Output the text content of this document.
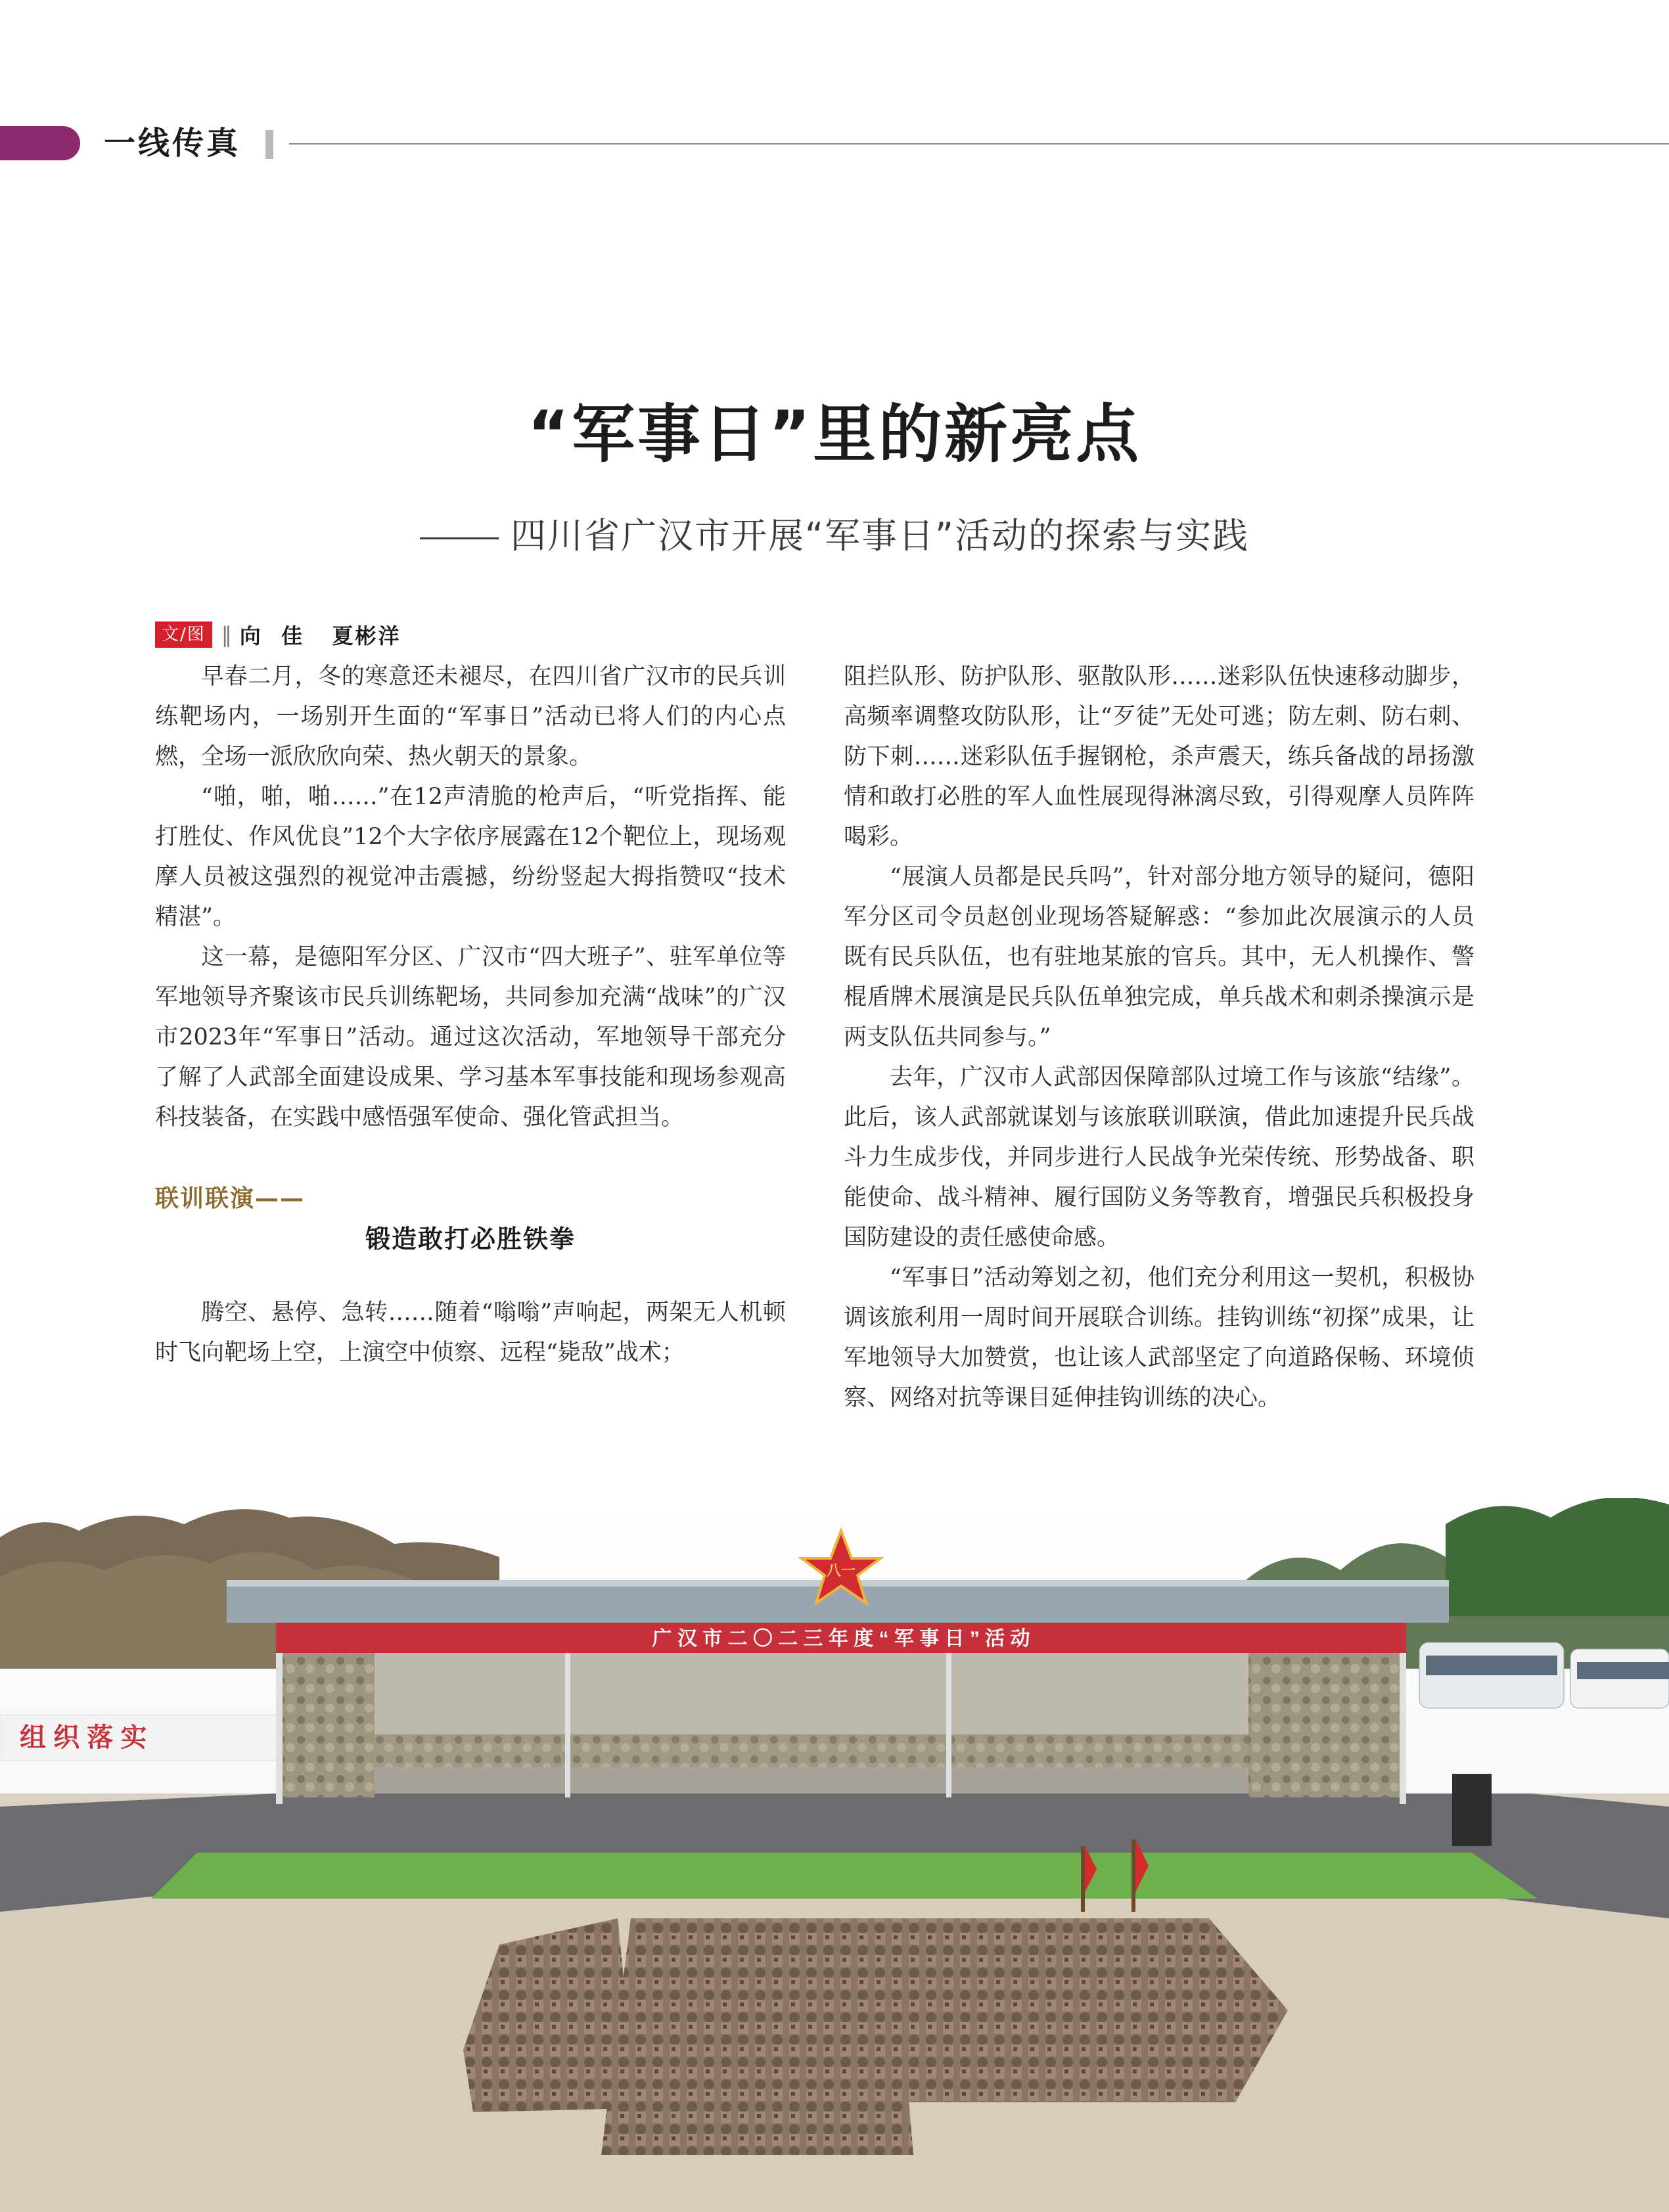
一线传真
“军事日”里的新亮点
四川省广汉市开展“军事日”活动的探索与实践
文/图 ‖ 向  佳   夏彬洋

早春二月，冬的寒意还未褪尽，在四川省广汉市的民兵训练靶场内，一场别开生面的“军事日”活动已将人们的内心点燃，全场一派欣欣向荣、热火朝天的景象。

“啪，啪，啪……”在12声清脆的枪声后，“听党指挥、能打胜仗、作风优良”12个大字依序展露在12个靶位上，现场观摩人员被这强烈的视觉冲击震撼，纷纷竖起大拇指赞叹“技术精湛”。

这一幕，是德阳军分区、广汉市“四大班子”、驻军单位等军地领导齐聚该市民兵训练靶场，共同参加充满“战味”的广汉市2023年“军事日”活动。通过这次活动，军地领导干部充分了解了人武部全面建设成果、学习基本军事技能和现场参观高科技装备，在实践中感悟强军使命、强化管武担当。

联训联演——
锻造敢打必胜铁拳

腾空、悬停、急转……随着“嗡嗡”声响起，两架无人机顿时飞向靶场上空，上演空中侦察、远程“毙敌”战术；

阻拦队形、防护队形、驱散队形……迷彩队伍快速移动脚步，高频率调整攻防队形，让“歹徒”无处可逃；防左刺、防右刺、防下刺……迷彩队伍手握钢枪，杀声震天，练兵备战的昂扬激情和敢打必胜的军人血性展现得淋漓尽致，引得观摩人员阵阵喝彩。

“展演人员都是民兵吗”，针对部分地方领导的疑问，德阳军分区司令员赵创业现场答疑解惑：“参加此次展演示的人员既有民兵队伍，也有驻地某旅的官兵。其中，无人机操作、警棍盾牌术展演是民兵队伍单独完成，单兵战术和刺杀操演示是两支队伍共同参与。”

去年，广汉市人武部因保障部队过境工作与该旅“结缘”。此后，该人武部就谋划与该旅联训联演，借此加速提升民兵战斗力生成步伐，并同步进行人民战争光荣传统、形势战备、职能使命、战斗精神、履行国防义务等教育，增强民兵积极投身国防建设的责任感使命感。

“军事日”活动筹划之初，他们充分利用这一契机，积极协调该旅利用一周时间开展联合训练。挂钩训练“初探”成果，让军地领导大加赞赏，也让该人武部坚定了向道路保畅、环境侦察、网络对抗等课目延伸挂钩训练的决心。

组 织 落 实
广 汉 市 二 〇 二 三 年 度 “ 军 事 日 ” 活 动
八一
